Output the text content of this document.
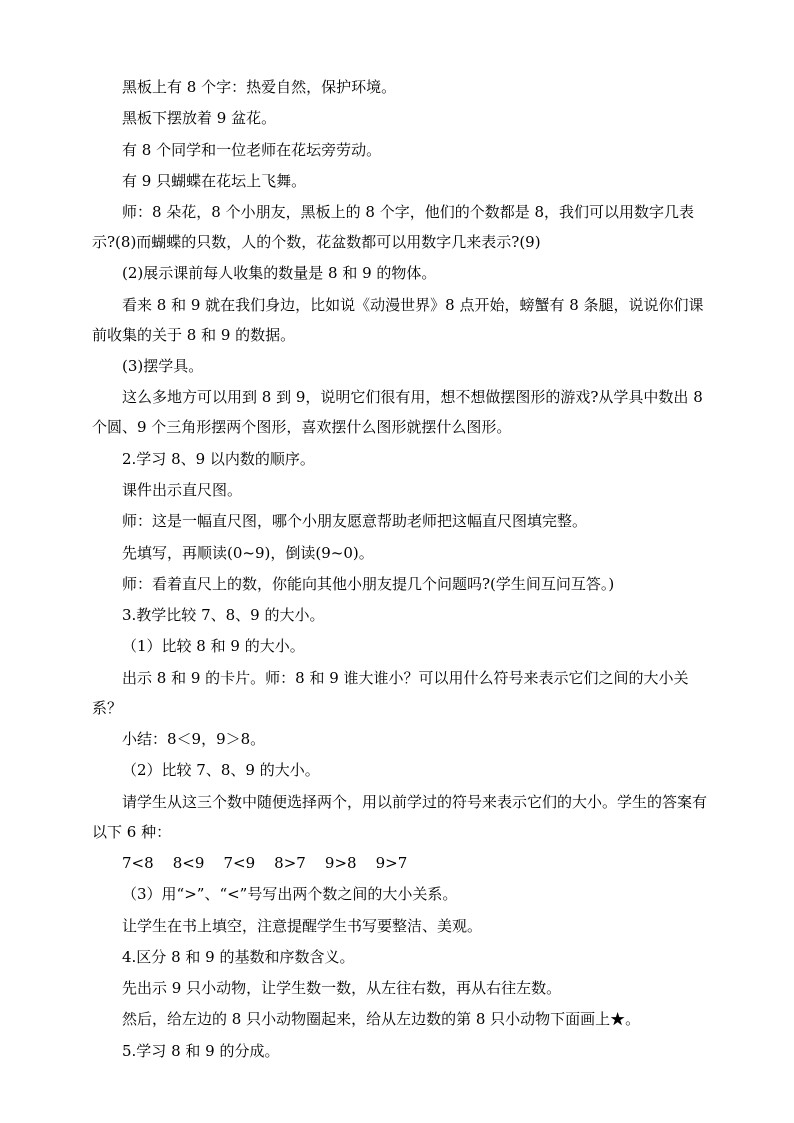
黑板上有 8 个字：热爱自然，保护环境。

黑板下摆放着 9 盆花。

有 8 个同学和一位老师在花坛旁劳动。

有 9 只蝴蝶在花坛上飞舞。

师：8 朵花，8 个小朋友，黑板上的 8 个字，他们的个数都是 8，我们可以用数字几表示?(8)而蝴蝶的只数，人的个数，花盆数都可以用数字几来表示?(9)

(2)展示课前每人收集的数量是 8 和 9 的物体。

看来 8 和 9 就在我们身边，比如说《动漫世界》8 点开始，螃蟹有 8 条腿，说说你们课前收集的关于 8 和 9 的数据。

(3)摆学具。

这么多地方可以用到 8 到 9，说明它们很有用，想不想做摆图形的游戏?从学具中数出 8 个圆、9 个三角形摆两个图形，喜欢摆什么图形就摆什么图形。

2.学习 8、9 以内数的顺序。

课件出示直尺图。

师：这是一幅直尺图，哪个小朋友愿意帮助老师把这幅直尺图填完整。

先填写，再顺读(0~9)，倒读(9~0)。

师：看着直尺上的数，你能向其他小朋友提几个问题吗?(学生间互问互答。)

3.教学比较 7、8、9 的大小。

（1）比较 8 和 9 的大小。

出示 8 和 9 的卡片。师：8 和 9 谁大谁小？可以用什么符号来表示它们之间的大小关系？

小结：8＜9，9＞8。

（2）比较 7、8、9 的大小。

请学生从这三个数中随便选择两个，用以前学过的符号来表示它们的大小。学生的答案有以下 6 种：

7<8    8<9    7<9    8>7    9>8    9>7

（3）用“>”、“<”号写出两个数之间的大小关系。

让学生在书上填空，注意提醒学生书写要整洁、美观。

4.区分 8 和 9 的基数和序数含义。

先出示 9 只小动物，让学生数一数，从左往右数，再从右往左数。

然后，给左边的 8 只小动物圈起来，给从左边数的第 8 只小动物下面画上★。

5.学习 8 和 9 的分成。
